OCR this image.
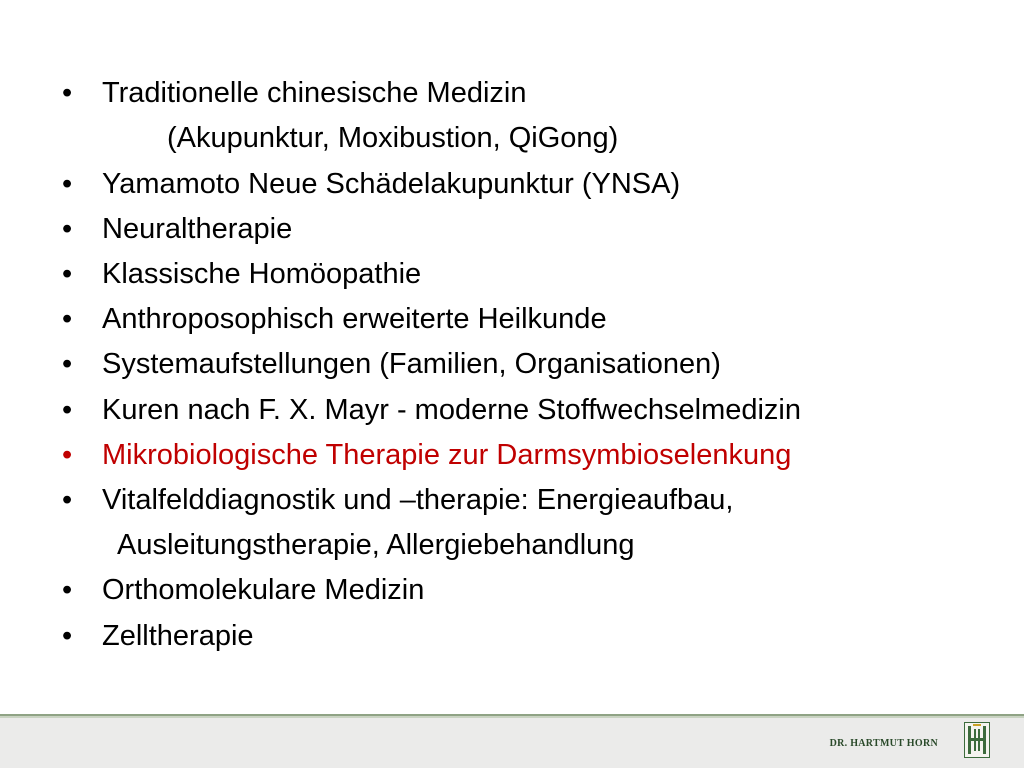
• Traditionelle chinesische Medizin
(Akupunktur, Moxibustion, QiGong)
• Yamamoto Neue Schädelakupunktur (YNSA)
• Neuraltherapie
• Klassische Homöopathie
• Anthroposophisch erweiterte Heilkunde
• Systemaufstellungen (Familien, Organisationen)
• Kuren nach F. X. Mayr - moderne Stoffwechselmedizin
• Mikrobiologische Therapie zur Darmsymbioselenkung
• Vitalfelddiagnostik und –therapie: Energieaufbau,
Ausleitungstherapie, Allergiebehandlung
• Orthomolekulare Medizin
• Zelltherapie
DR. HARTMUT HORN
